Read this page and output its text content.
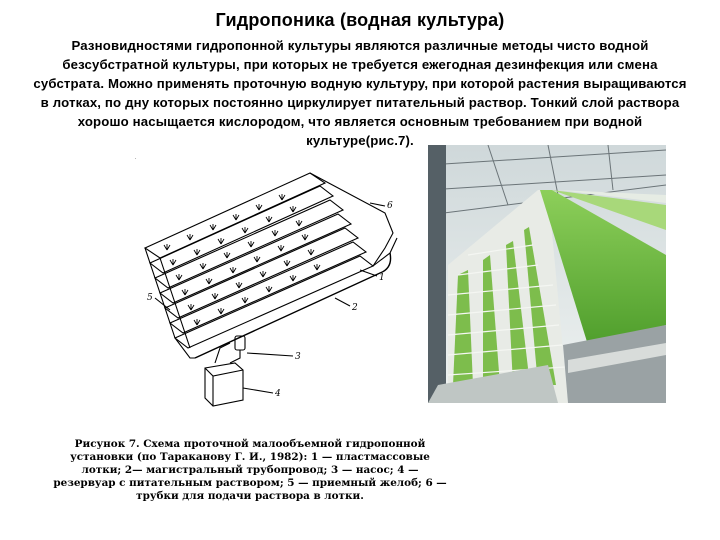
Гидропоника (водная культура)
Разновидностями гидропонной культуры являются различные методы чисто водной безсубстратной культуры, при которых не требуется ежегодная дезинфекция или смена субстрата. Можно применять проточную водную культуру, при которой растения выращиваются в лотках, по дну которых постоянно циркулирует питательный раствор. Тонкий слой раствора хорошо насыщается кислородом, что является основным требованием при водной культуре(рис.7).
6
1
2
5
3
4
Рисунок 7. Схема проточной малообъемной гидропонной установки (по Тараканову Г. И., 1982): 1 — пластмассовые лотки; 2— магистральный трубопровод; 3 — насос; 4 — резервуар с питательным раствором; 5 — приемный желоб; 6 — трубки для подачи раствора в лотки.
